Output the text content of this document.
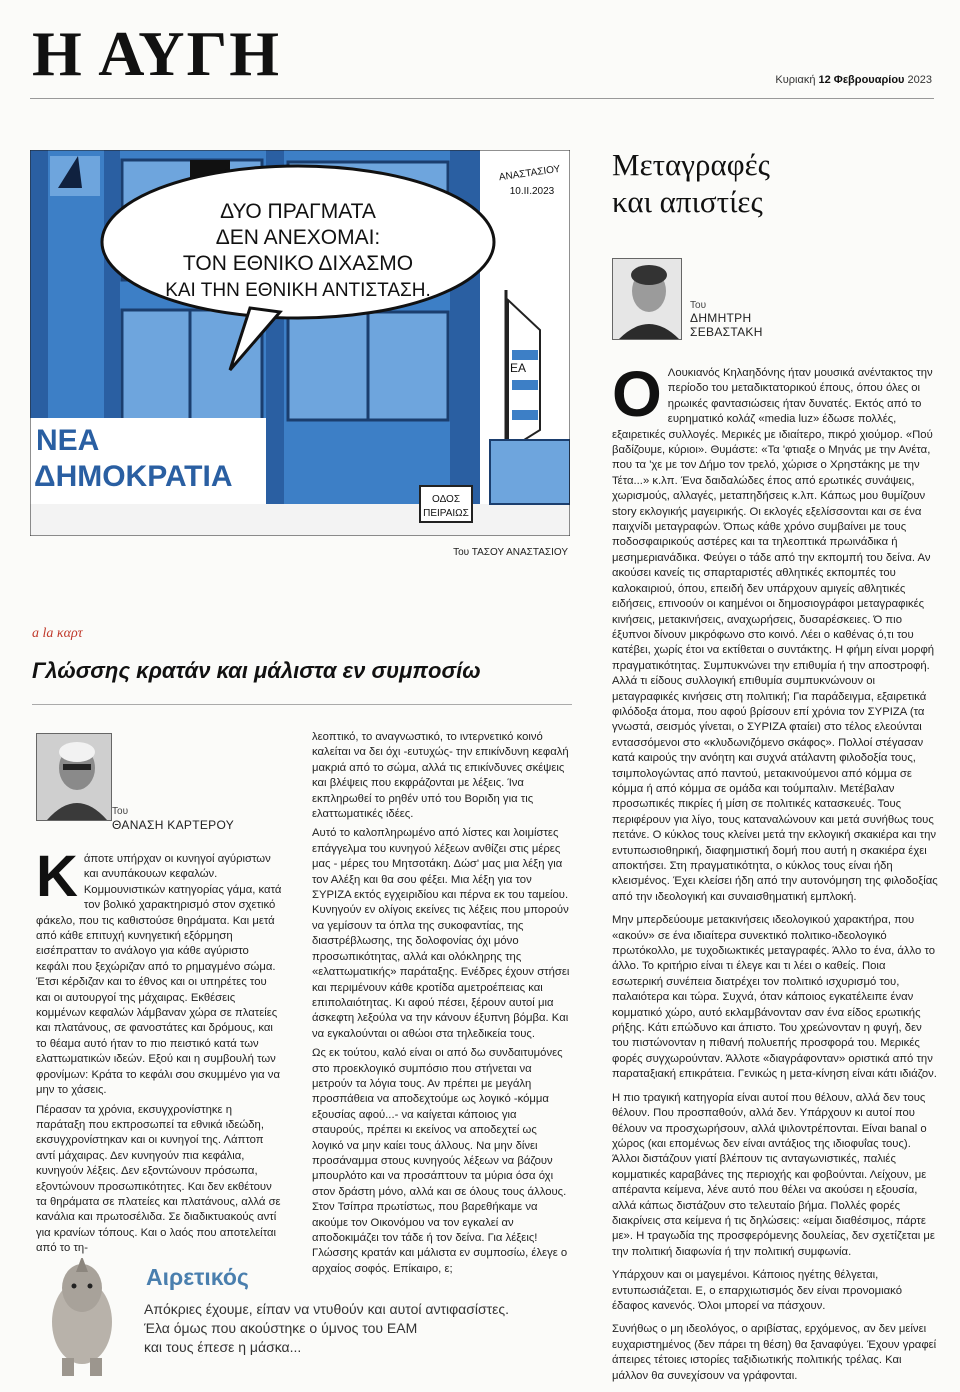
Η ΑΥΓΗ	Κυριακή 12 Φεβρουαρίου 2023
ΔΥΟ ΠΡΑΓΜΑΤΑ
ΔΕΝ ΑΝΕΧΟΜΑΙ:
ΤΟΝ ΕΘΝΙΚΟ ΔΙΧΑΣΜΟ
ΚΑΙ ΤΗΝ ΕΘΝΙΚΗ ΑΝΤΙΣΤΑΣΗ.
ΝΕΑ
ΔΗΜΟΚΡΑΤΙΑ
ΟΔΟΣ
ΠΕΙΡΑΙΩΣ
ΕΑ
ΑΝΑΣΤΑΣΙΟΥ
10.II.2023
Του ΤΑΣΟΥ ΑΝΑΣΤΑΣΙΟΥ
a la καρτ
Γλώσσης κρατάν και μάλιστα εν συμποσίω
Του
ΘΑΝΑΣΗ ΚΑΡΤΕΡΟΥ

Κάποτε υπήρχαν οι κυνηγοί αγύριστων και ανυπάκουων κεφαλών. Κομμουνιστικών κατηγορίας γάμα, κατά τον βολικό χαρακτηρισμό στον σχετικό φάκελο, που τις καθιστούσε θηράματα. Και μετά από κάθε επιτυχή κυνηγετική εξόρμηση εισέπρατταν το ανάλογο για κάθε αγύριστο κεφάλι που ξεχώριζαν από το ρημαγμένο σώμα. Έτσι κέρδιζαν και το έθνος και οι υπηρέτες του και οι αυτουργοί της μάχαιρας. Εκθέσεις κομμένων κεφαλών λάμβαναν χώρα σε πλατείες και πλατάνους, σε φανοστάτες και δρόμους, και το θέαμα αυτό ήταν το πιο πειστικό κατά των ελαττωματικών ιδεών. Εξού και η συμβουλή των φρονίμων: Κράτα το κεφάλι σου σκυμμένο για να μην το χάσεις.

Πέρασαν τα χρόνια, εκσυγχρονίστηκε η παράταξη που εκπροσωπεί τα εθνικά ιδεώδη, εκσυγχρονίστηκαν και οι κυνηγοί της. Λάπτοπ αντί μάχαιρας. Δεν κυνηγούν πια κεφάλια, κυνηγούν λέξεις. Δεν εξοντώνουν πρόσωπα, εξοντώνουν προσωπικότητες. Και δεν εκθέτουν τα θηράματα σε πλατείες και πλατάνους, αλλά σε κανάλια και πρωτοσέλιδα. Σε διαδικτυακούς αντί για κρανίων τόπους. Και ο λαός που αποτελείται από το τη-

λεοπτικό, το αναγνωστικό, το ιντερνετικό κοινό καλείται να δει όχι -ευτυχώς- την επικίνδυνη κεφαλή μακριά από το σώμα, αλλά τις επικίνδυνες σκέψεις και βλέψεις που εκφράζονται με λέξεις. Ίνα εκπληρωθεί το ρηθέν υπό του Βοριδη για τις ελαττωματικές ιδέες.

Αυτό το καλοπληρωμένο από λίστες και λοιμίστες επάγγελμα του κυνηγού λέξεων ανθίζει στις μέρες μας - μέρες του Μητσοτάκη. Δώσ' μας μια λέξη για τον Αλέξη και θα σου φέξει. Μια λέξη για τον ΣΥΡΙΖΑ εκτός εγχειριδίου και πέρνα εκ του ταμείου. Κυνηγούν εν ολίγοις εκείνες τις λέξεις που μπορούν να γεμίσουν τα όπλα της συκοφαντίας, της διαστρέβλωσης, της δολοφονίας όχι μόνο προσωπικότητας, αλλά και ολόκληρης της «ελαττωματικής» παράταξης. Ενέδρες έχουν στήσει και περιμένουν κάθε κροτίδα αμετροέπειας και επιπολαιότητας. Κι αφού πέσει, ξέρουν αυτοί μια άσκεφτη λεξούλα να την κάνουν έξυπνη βόμβα. Και να εγκαλούνται οι αθώοι στα τηλεδικεία τους.

Ως εκ τούτου, καλό είναι οι από δω συνδαιτυμόνες στο προεκλογικό συμπόσιο που στήνεται να μετρούν τα λόγια τους. Αν πρέπει με μεγάλη προσπάθεια να αποδεχτούμε ως λογικό -κόμμα εξουσίας αφού...- να καίγεται κάποιος για σταυρούς, πρέπει κι εκείνος να αποδεχτεί ως λογικό να μην καίει τους άλλους. Να μην δίνει προσάναμμα στους κυνηγούς λέξεων να βάζουν μπουρλότο και να προσάπτουν τα μύρια όσα όχι στον δράστη μόνο, αλλά και σε όλους τους άλλους. Στον Τσίπρα πρωτίστως, που βαρεθήκαμε να ακούμε τον Οικονόμου να τον εγκαλεί αν αποδοκιμάζει τον τάδε ή τον δείνα. Για λέξεις! Γλώσσης κρατάν και μάλιστα εν συμποσίω, έλεγε ο αρχαίος σοφός. Επίκαιρο, ε;

Μεταγραφές
και απιστίες
Του
ΔΗΜΗΤΡΗ
ΣΕΒΑΣΤΑΚΗ

Ο Λουκιανός Κηλαηδόνης ήταν μουσικά ανέντακτος την περίοδο του μεταδικτατορικού έπους, όπου όλες οι ηρωικές φαντασιώσεις ήταν δυνατές. Εκτός από το ευρηματικό κολάζ «media luz» έδωσε πολλές, εξαιρετικές συλλογές. Μερικές με ιδιαίτερο, πικρό χιούμορ. «Πού βαδίζουμε, κύριοι». Θυμάστε: «Τα 'φτιαξε ο Μηνάς με την Ανέτα, που τα 'χε με τον Δήμο τον τρελό, χώρισε ο Χρηστάκης με την Τέτα...» κ.λπ. Ένα δαιδαλώδες έπος από ερωτικές συνάψεις, χωρισμούς, αλλαγές, μεταπηδήσεις κ.λπ. Κάπως μου θυμίζουν story εκλογικής μαγειρικής. Οι εκλογές εξελίσσονται και σε ένα παιχνίδι μεταγραφών. Όπως κάθε χρόνο συμβαίνει με τους ποδοσφαιρικούς αστέρες και τα τηλεοπτικά πρωινάδικα ή μεσημεριανάδικα. Φεύγει ο τάδε από την εκπομπή του δείνα. Αν ακούσει κανείς τις σπαρταριστές αθλητικές εκπομπές του καλοκαιριού, όπου, επειδή δεν υπάρχουν αμιγείς αθλητικές ειδήσεις, επινοούν οι καημένοι οι δημοσιογράφοι μεταγραφικές κινήσεις, μετακινήσεις, αναχωρήσεις, δυσαρέσκειες. Ό πιο έξυπνοι δίνουν μικρόφωνο στο κοινό. Λέει ο καθένας ό,τι του κατέβει, χωρίς έτοι να εκτίθεται ο συντάκτης. Η φήμη είναι μορφή πραγματικότητας. Συμπυκνώνει την επιθυμία ή την αποστροφή. Αλλά τι είδους συλλογική επιθυμία συμπυκνώνουν οι μεταγραφικές κινήσεις στη πολιτική; Για παράδειγμα, εξαιρετικά φιλόδοξα άτομα, που αφού βρίσουν επί χρόνια τον ΣΥΡΙΖΑ (τα γνωστά, σεισμός γίνεται, ο ΣΥΡΙΖΑ φταίει) στο τέλος ελεούνται εντασσόμενοι στο «κλυδωνιζόμενο σκάφος». Πολλοί στέγασαν κατά καιρούς την ανόητη και συχνά ατάλαντη φιλοδοξία τους, τσιμπολογώντας από παντού, μετακινούμενοι από κόμμα σε κόμμα ή από κόμμα σε ομάδα και τούμπαλιν. Μετέβαλαν προσωπικές πικρίες ή μίση σε πολιτικές κατασκευές. Τους περιφέρουν για λίγο, τους καταναλώνουν και μετά συνήθως τους πετάνε. Ο κύκλος τους κλείνει μετά την εκλογική σκακιέρα και την εντυπωσιοθηρική, διαφημιστική δομή που αυτή η σκακιέρα έχει αποκτήσει. Στη πραγματικότητα, ο κύκλος τους είναι ήδη κλεισμένος. Έχει κλείσει ήδη από την αυτονόμηση της φιλοδοξίας από την ιδεολογική και συναισθηματική εμπλοκή.

Μην μπερδεύουμε μετακινήσεις ιδεολογικού χαρακτήρα, που «ακούν» σε ένα ιδιαίτερα συνεκτικό πολιτικο-ιδεολογικό πρωτόκολλο, με τυχοδιωκτικές μεταγραφές. Άλλο το ένα, άλλο το άλλο. Το κριτήριο είναι τι έλεγε και τι λέει ο καθείς. Ποια εσωτερική συνέπεια διατρέχει τον πολιτικό ισχυρισμό του, παλαιότερα και τώρα. Συχνά, όταν κάποιος εγκατέλειπε έναν κομματικό χώρο, αυτό εκλαμβάνονταν σαν ένα είδος ερωτικής ρήξης. Κάτι επώδυνο και άπιστο. Του χρεώνονταν η φυγή, δεν του πιστώνονταν η πιθανή πολυεπής προσφορά του. Μερικές φορές συγχωρούνταν. Άλλοτε «διαγράφονταν» οριστικά από την παραταξιακή επικράτεια. Γενικώς η μετα-κίνηση είναι κάτι ιδιάζον.

Η πιο τραγική κατηγορία είναι αυτοί που θέλουν, αλλά δεν τους θέλουν. Που προσπαθούν, αλλά δεν. Υπάρχουν κι αυτοί που θέλουν να προσχωρήσουν, αλλά ψιλοντρέπονται. Είναι banal ο χώρος (και επομένως δεν είναι αντάξιος της ιδιοφυΐας τους). Άλλοι διστάζουν γιατί βλέπουν τις ανταγωνιστικές, παλιές κομματικές καραβάνες της περιοχής και φοβούνται. Λείχουν, με απέραντα κείμενα, λένε αυτό που θέλει να ακούσει η εξουσία, αλλά κάπως διστάζουν στο τελευταίο βήμα. Πολλές φορές διακρίνεις στα κείμενα ή τις δηλώσεις: «είμαι διαθέσιμος, πάρτε με». Η τραγωδία της προσφερόμενης δουλείας, δεν σχετίζεται με την πολιτική διαφωνία ή την πολιτική συμφωνία.

Υπάρχουν και οι μαγεμένοι. Κάποιος ηγέτης θέλγεται, εντυπωσιάζεται. Ε, ο επαρχιωτισμός δεν είναι προνομιακό έδαφος κανενός. Όλοι μπορεί να πάσχουν.

Συνήθως ο μη ιδεολόγος, ο αριβίστας, ερχόμενος, αν δεν μείνει ευχαριστημένος (δεν πάρει τη θέση) θα ξαναφύγει. Έχουν γραφεί άπειρες τέτοιες ιστορίες ταξιδιωτικής πολιτικής τρέλας. Και μάλλον θα συνεχίσουν να γράφονται.

Αιρετικός
Απόκριες έχουμε, είπαν να ντυθούν και αυτοί αντιφασίστες.
Έλα όμως που ακούστηκε ο ύμνος του ΕΑΜ
και τους έπεσε η μάσκα...
